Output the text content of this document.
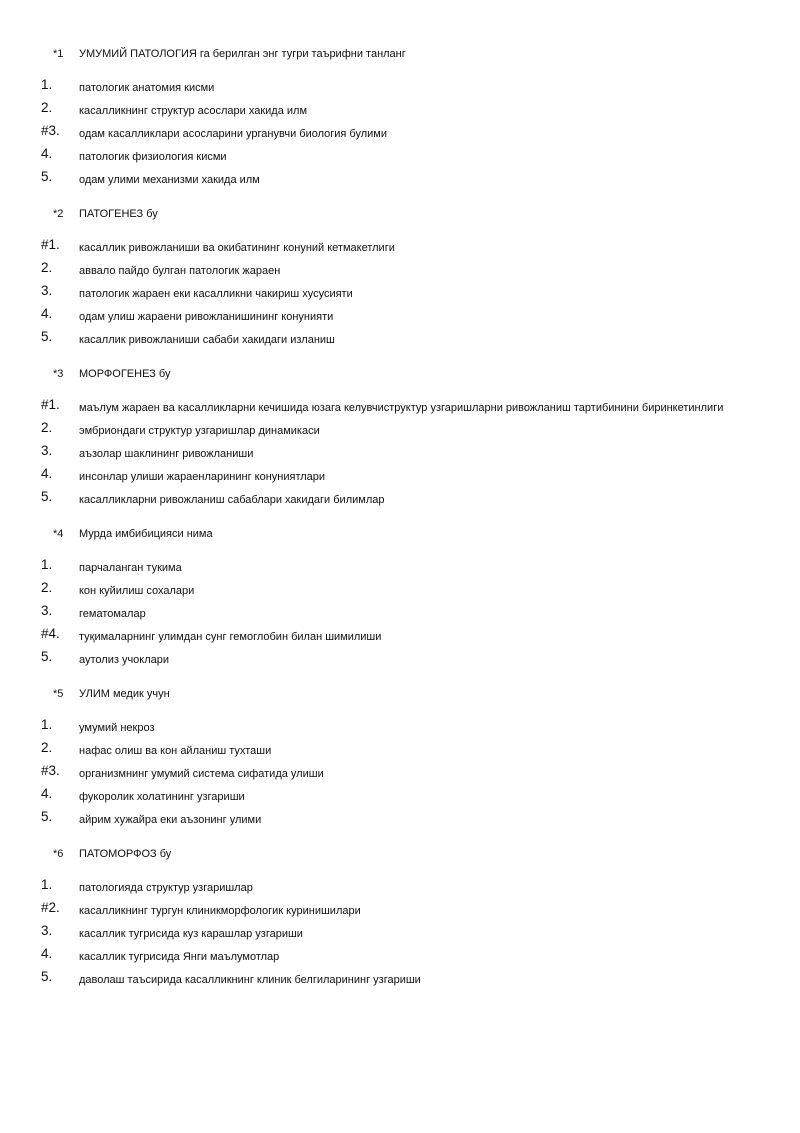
*1 УМУМИЙ ПАТОЛОГИЯ га берилган энг тугри таърифни танланг
1. патологик анатомия кисми
2. касалликнинг структур асослари хакида илм
#3. одам касалликлари асосларини урганувчи биология булими
4. патологик физиология кисми
5. одам улими механизми хакида илм
*2 ПАТОГЕНЕЗ бу
#1. касаллик ривожланиши ва окибатининг конуний кетмакетлиги
2. аввало пайдо булган патологик жараен
3. патологик жараен еки касалликни чакириш хусусияти
4. одам улиш жараени ривожланишининг конунияти
5. касаллик ривожланиши сабаби хакидаги изланиш
*3 МОРФОГЕНЕЗ бу
#1. маълум жараен ва касалликларни кечишида юзага келувчиструктур узгаришларни ривожланиш тартибинини биринкетинлиги
2. эмбриондаги структур узгаришлар динамикаси
3. аъзолар шаклининг ривожланиши
4. инсонлар улиши жараенларининг конуниятлари
5. касалликларни ривожланиш сабаблари хакидаги билимлар
*4 Мурда имбибицияси нима
1. парчаланган тукима
2. кон куйилиш сохалари
3. гематомалар
#4. туқималарнинг улимдан сунг гемоглобин билан шимилиши
5. аутолиз учоклари
*5 УЛИМ медик учун
1. умумий некроз
2. нафас олиш ва кон айланиш тухташи
#3. организмнинг умумий система сифатида улиши
4. фукоролик холатининг узгариши
5. айрим хужайра еки аъзонинг улими
*6 ПАТОМОРФОЗ бу
1. патологияда структур узгаришлар
#2. касалликнинг тургун клиникморфологик куринишилари
3. касаллик тугрисида куз карашлар узгариши
4. касаллик тугрисида Янги маълумотлар
5. даволаш таъсирида касалликнинг клиник белгиларининг узгариши
